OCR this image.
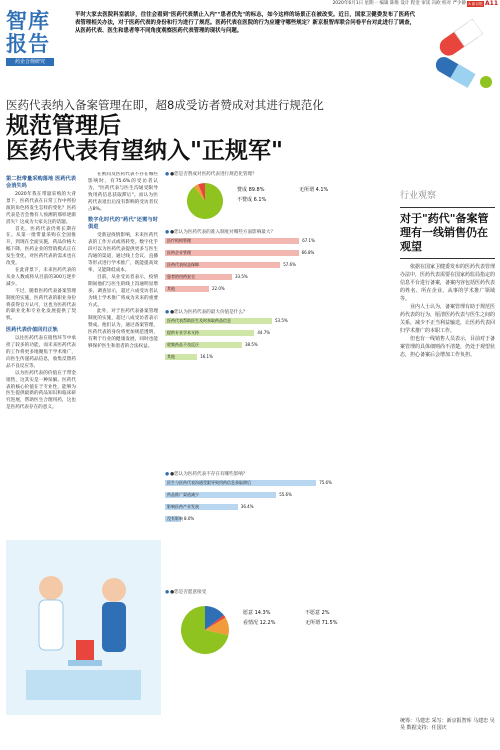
2020年6月1日 星期一 编辑 陈维 设计 程金 审读 冯欧 校对 严少静 A 新京报 A11
智库
报告
药企合规研究
平时大家去医院科室就诊，往往会看到"医药代表禁止入内""患者优先"的标志，如今这样的场景正在被改变。近日，国家卫健委发布了医药代表管理相关办法，对于医药代表的身份和行为进行了规范。医药代表在医院的行为应遵守哪些规定？新京报智库联合问卷平台对此进行了调查，从医药代表、医生和患者等不同角度观察医药代表管理的现状与问题。
医药代表纳入备案管理在即，超8成受访者赞成对其进行规范化
规范管理后
医药代表有望纳入"正规军"
第二批带量采购落地 医药代表会消失吗

2020年我在带量采购的大背景下，医药代表在日常工作中所扮演的角色将发生怎样的变化？医药代表是否会像有人预测的那样逐渐消失？这成为大家关注的话题。

首先，医药代表仍将长期存在。从第一批带量采购在全国推开，到现在全面实施，药品价格大幅下降，医药企业的营销模式正在发生变化，对医药代表的需求也在改变。

在此背景下，未来医药代表的从业人数或将从目前的300万逐步减少。

不过，随着医药代表备案管理制度的实施，医药代表的职业身份将获得官方认可，这也为医药代表的职业化和专业化发展提供了契机。

医药代表价值回归正轨

以往医药代表在销售环节中承担了较多的功能，而未来医药代表的工作将更多地聚焦于学术推广，向医生传递药品信息，收集反馈药品不良反应等。

以为医药代表的价值在于带金销售，这其实是一种误解。医药代表的核心价值在于专业性，能够为医生提供最新的药品知识和临床研究进展，帮助医生合理用药，这也是医药代表存在的意义。

在被问及医药代表不存在哪些影响时，有75.6%的受访者认为，"医药代表与医生沟通受限导致用药信息获取滞后"。而认为医药代表退出后没有影响的受访者仅占8%。

数字化时代的"药代"还需与时俱进

受新冠疫情影响，未来医药代表的工作方式或将转变。数字化手段可以为医药代表提供更多与医生沟通的渠道，通过线上会议、直播等形式进行学术推广，既能提高效率，又能降低成本。

目前，从业受访者表示，疫情期间他们与医生的线上沟通明显增多。调查显示，超过六成受访者认为线上学术推广将成为未来的重要方式。

此外，对于医药代表备案管理制度的实施，超过八成受访者表示赞成。他们认为，通过备案管理，医药代表的身份将更加规范透明，有利于行业的健康发展，同时也能够保护医生和患者的合法权益。

● ●您是否赞成对医药代表进行规范化管理？
赞成 89.8%	无所谓 4.1%
不赞成 6.1%
● ●您认为医药代表的准入制度对哪些方面影响最大？
医疗机构管理	67.1%
医药企业管理	66.8%
医药代表权益保障	57.6%
患者的用药安全	33.5%
其他	22.0%
● ●您认为医药代表的最大价值是什么？
医药代表帮助医生及时获取药品信息	53.5%
提供专业学术支持	44.7%
收集药品不良反应	38.5%
其他	16.1%
● ●您认为医药代表不存在有哪些影响？
医生与医药代表沟通受限导致用药信息获取滞后	75.6%
药品推广渠道减少	55.6%
影响医药产业发展	36.4%
没有影响 8.0%
● ●您是否愿意接受
愿意 14.3%	不愿意 2%
看情况 12.2%	无所谓 71.5%
行业观察
对于"药代"备案管理有一线销售仍在观望

依据在国家卫健委发布的医药代表管理办法中，医药代表需要在国家药监局指定的信息平台进行备案，备案内容包括医药代表的姓名、所在企业、从事的学术推广领域等。

业内人士认为，备案管理有助于规范医药代表的行为，厘清医药代表与医生之间的关系，减少不正当利益输送，让医药代表回归学术推广的本职工作。

但也有一线销售人员表示，目前对于备案管理的具体细则尚不清楚，仍处于观望状态，担心备案后会增加工作负担。

统筹：马建忠 采写：新京报智库 马建忠 吴昊 数据支持：任国庆
